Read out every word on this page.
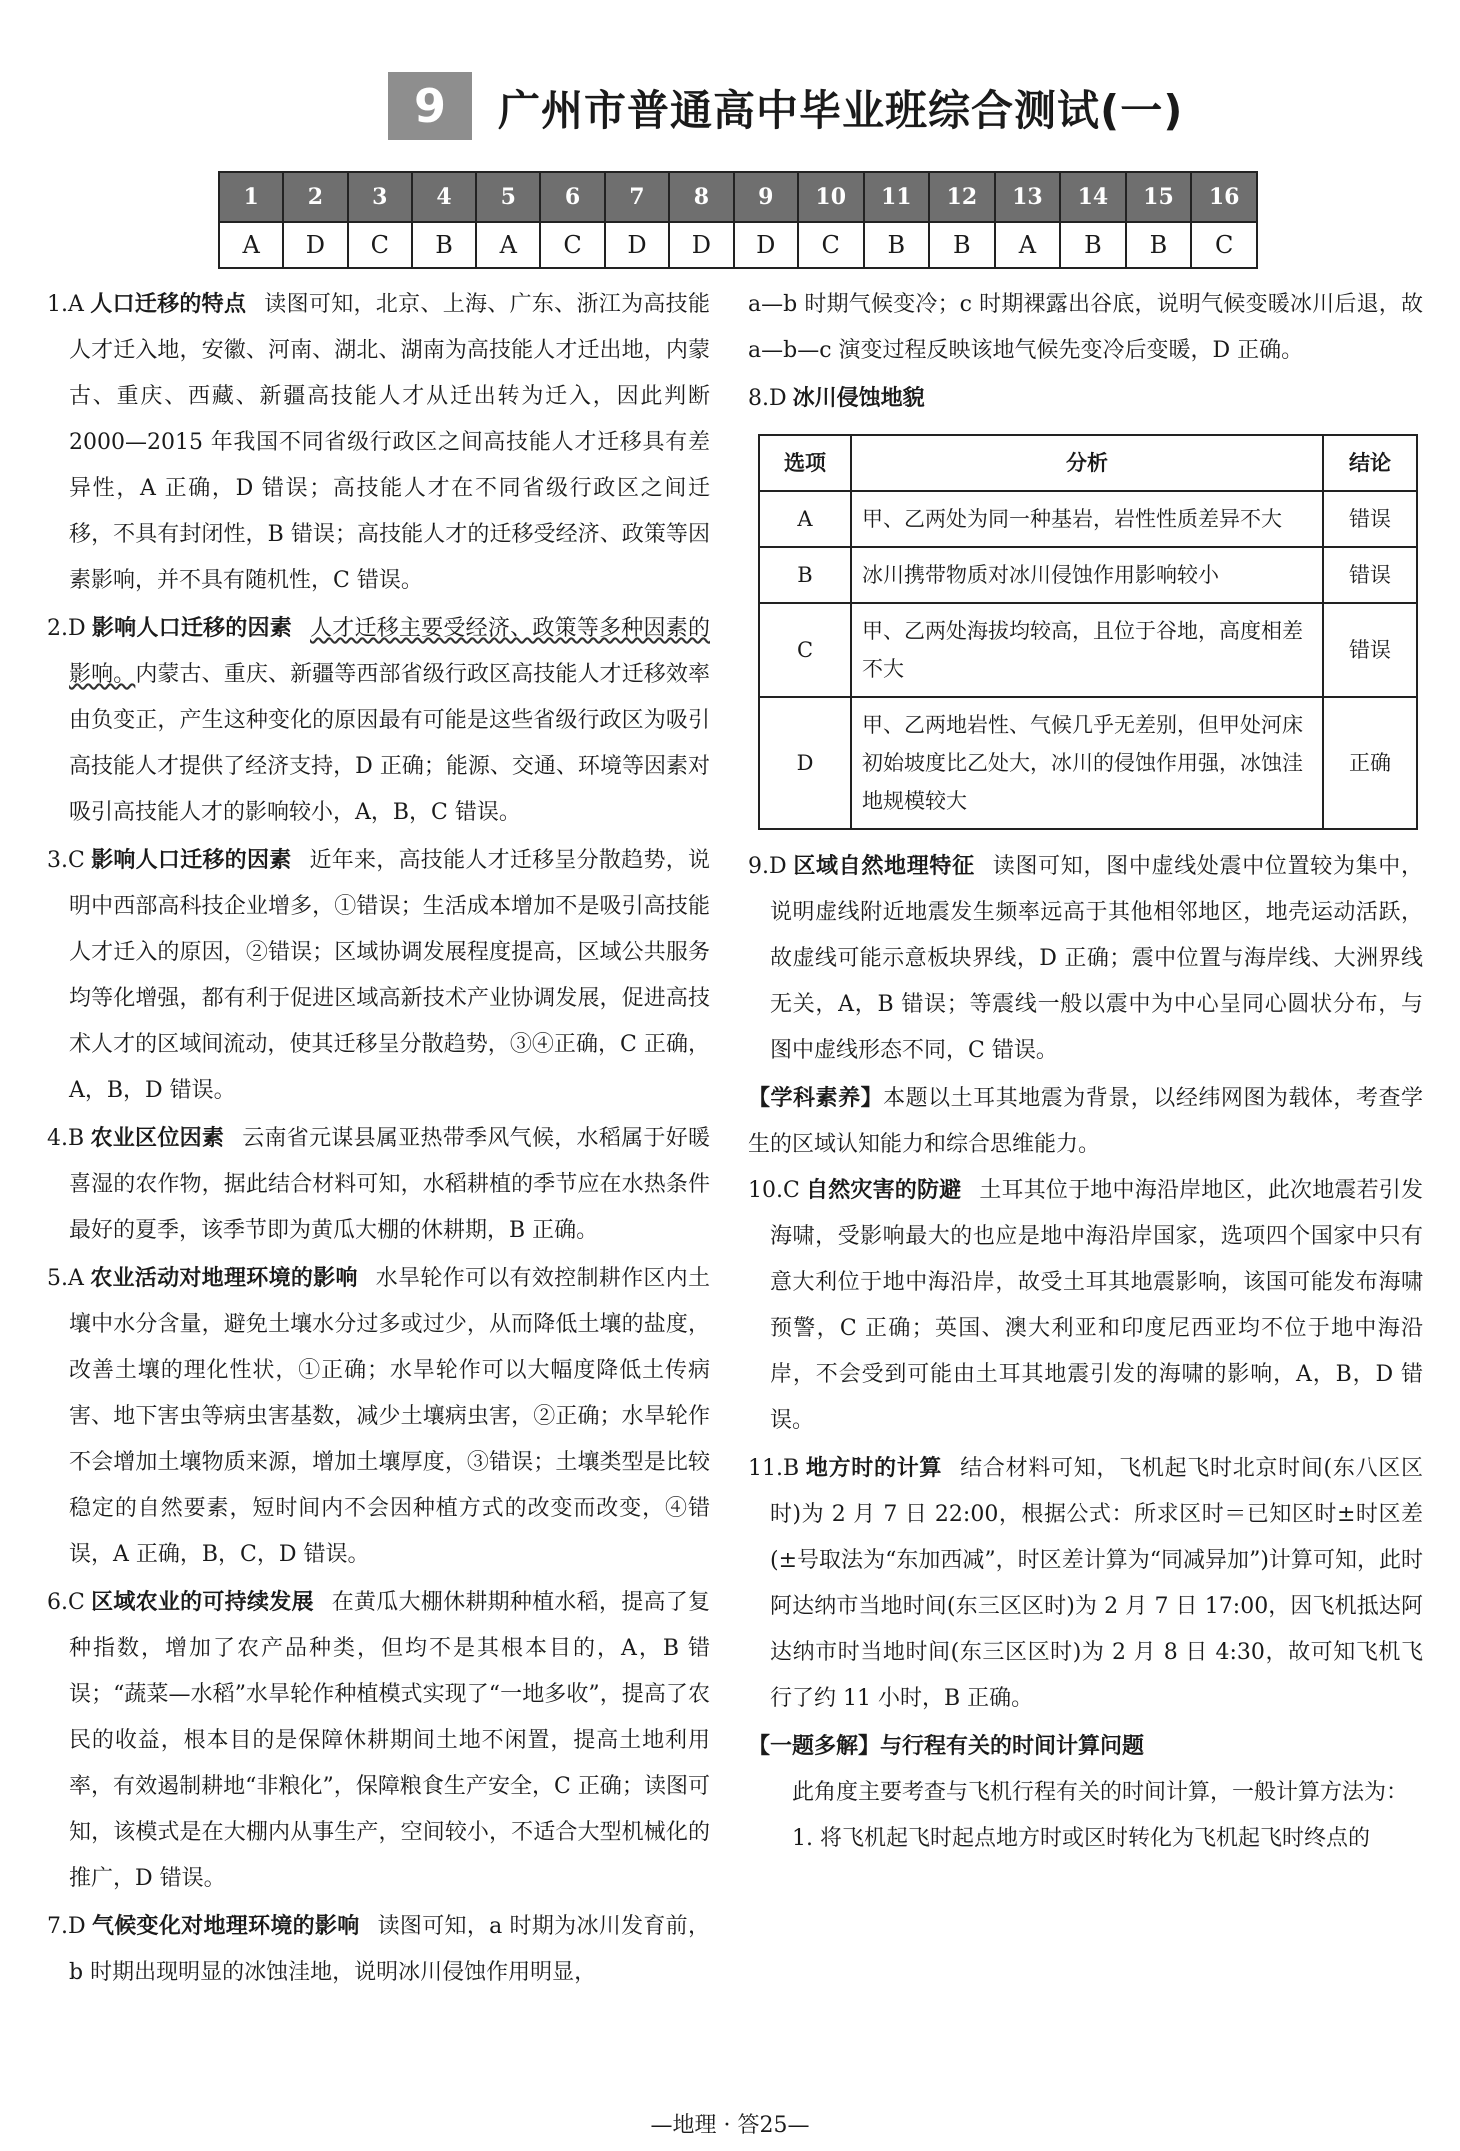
9	广州市普通高中毕业班综合测试(一)
1	2	3	4	5	6	7	8	9	10	11	12	13	14	15	16
A	D	C	B	A	C	D	D	D	C	B	B	A	B	B	C
1.A 人口迁移的特点 读图可知，北京、上海、广东、浙江为高技能人才迁入地，安徽、河南、湖北、湖南为高技能人才迁出地，内蒙古、重庆、西藏、新疆高技能人才从迁出转为迁入，因此判断 2000—2015 年我国不同省级行政区之间高技能人才迁移具有差异性，A 正确，D 错误；高技能人才在不同省级行政区之间迁移，不具有封闭性，B 错误；高技能人才的迁移受经济、政策等因素影响，并不具有随机性，C 错误。
2.D 影响人口迁移的因素 人才迁移主要受经济、政策等多种因素的影响。内蒙古、重庆、新疆等西部省级行政区高技能人才迁移效率由负变正，产生这种变化的原因最有可能是这些省级行政区为吸引高技能人才提供了经济支持，D 正确；能源、交通、环境等因素对吸引高技能人才的影响较小，A，B，C 错误。
3.C 影响人口迁移的因素 近年来，高技能人才迁移呈分散趋势，说明中西部高科技企业增多，①错误；生活成本增加不是吸引高技能人才迁入的原因，②错误；区域协调发展程度提高，区域公共服务均等化增强，都有利于促进区域高新技术产业协调发展，促进高技术人才的区域间流动，使其迁移呈分散趋势，③④正确，C 正确，A，B，D 错误。
4.B 农业区位因素 云南省元谋县属亚热带季风气候，水稻属于好暖喜湿的农作物，据此结合材料可知，水稻耕植的季节应在水热条件最好的夏季，该季节即为黄瓜大棚的休耕期，B 正确。
5.A 农业活动对地理环境的影响 水旱轮作可以有效控制耕作区内土壤中水分含量，避免土壤水分过多或过少，从而降低土壤的盐度，改善土壤的理化性状，①正确；水旱轮作可以大幅度降低土传病害、地下害虫等病虫害基数，减少土壤病虫害，②正确；水旱轮作不会增加土壤物质来源，增加土壤厚度，③错误；土壤类型是比较稳定的自然要素，短时间内不会因种植方式的改变而改变，④错误，A 正确，B，C，D 错误。
6.C 区域农业的可持续发展 在黄瓜大棚休耕期种植水稻，提高了复种指数，增加了农产品种类，但均不是其根本目的，A，B 错误；“蔬菜—水稻”水旱轮作种植模式实现了“一地多收”，提高了农民的收益，根本目的是保障休耕期间土地不闲置，提高土地利用率，有效遏制耕地“非粮化”，保障粮食生产安全，C 正确；读图可知，该模式是在大棚内从事生产，空间较小，不适合大型机械化的推广，D 错误。
7.D 气候变化对地理环境的影响 读图可知，a 时期为冰川发育前，b 时期出现明显的冰蚀洼地，说明冰川侵蚀作用明显，
a—b 时期气候变冷；c 时期裸露出谷底，说明气候变暖冰川后退，故 a—b—c 演变过程反映该地气候先变冷后变暖，D 正确。
8.D 冰川侵蚀地貌
选项	分析	结论
A	甲、乙两处为同一种基岩，岩性性质差异不大	错误
B	冰川携带物质对冰川侵蚀作用影响较小	错误
C	甲、乙两处海拔均较高，且位于谷地，高度相差不大	错误
D	甲、乙两地岩性、气候几乎无差别，但甲处河床初始坡度比乙处大，冰川的侵蚀作用强，冰蚀洼地规模较大	正确
9.D 区域自然地理特征 读图可知，图中虚线处震中位置较为集中，说明虚线附近地震发生频率远高于其他相邻地区，地壳运动活跃，故虚线可能示意板块界线，D 正确；震中位置与海岸线、大洲界线无关，A，B 错误；等震线一般以震中为中心呈同心圆状分布，与图中虚线形态不同，C 错误。
【学科素养】本题以土耳其地震为背景，以经纬网图为载体，考查学生的区域认知能力和综合思维能力。
10.C 自然灾害的防避 土耳其位于地中海沿岸地区，此次地震若引发海啸，受影响最大的也应是地中海沿岸国家，选项四个国家中只有意大利位于地中海沿岸，故受土耳其地震影响，该国可能发布海啸预警，C 正确；英国、澳大利亚和印度尼西亚均不位于地中海沿岸，不会受到可能由土耳其地震引发的海啸的影响，A，B，D 错误。
11.B 地方时的计算 结合材料可知，飞机起飞时北京时间(东八区区时)为 2 月 7 日 22:00，根据公式：所求区时＝已知区时±时区差(±号取法为“东加西减”，时区差计算为“同减异加”)计算可知，此时阿达纳市当地时间(东三区区时)为 2 月 7 日 17:00，因飞机抵达阿达纳市时当地时间(东三区区时)为 2 月 8 日 4:30，故可知飞机飞行了约 11 小时，B 正确。
【一题多解】与行程有关的时间计算问题
此角度主要考查与飞机行程有关的时间计算，一般计算方法为：
1. 将飞机起飞时起点地方时或区时转化为飞机起飞时终点的
—地理 · 答25—
